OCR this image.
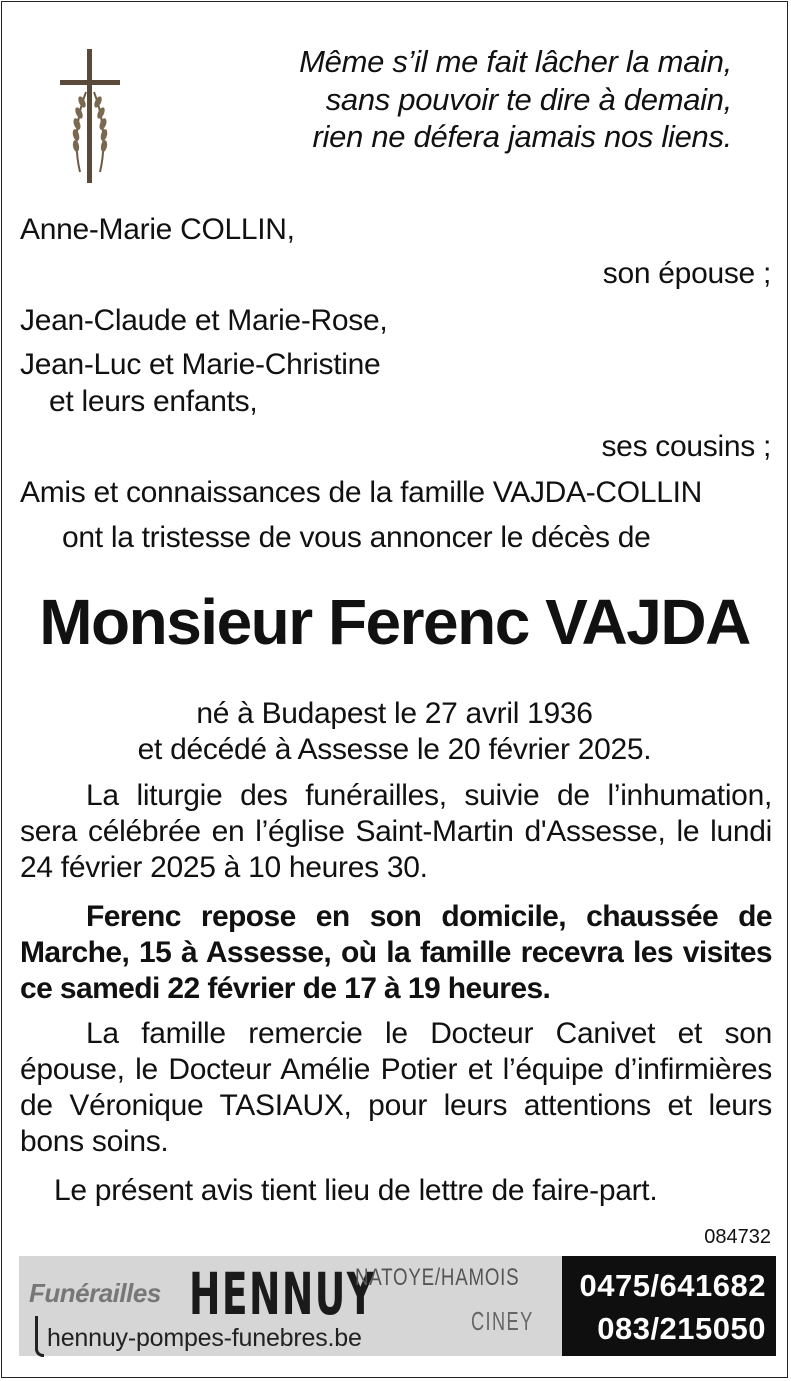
Même s’il me fait lâcher la main,

sans pouvoir te dire à demain,

rien ne défera jamais nos liens.

Anne-Marie COLLIN,

son épouse ;

Jean-Claude et Marie-Rose,

Jean-Luc et Marie-Christine

et leurs enfants,

ses cousins ;

Amis et connaissances de la famille VAJDA-COLLIN

ont la tristesse de vous annoncer le décès de

Monsieur Ferenc VAJDA

né à Budapest le 27 avril 1936

et décédé à Assesse le 20 février 2025.

La liturgie des funérailles, suivie de l’inhumation, sera célébrée en l’église Saint-Martin d'Assesse, le lundi 24 février 2025 à 10 heures 30.

Ferenc repose en son domicile, chaussée de Marche, 15 à Assesse, où la famille recevra les visites ce samedi 22 février de 17 à 19 heures.

La famille remercie le Docteur Canivet et son épouse, le Docteur Amélie Potier et l’équipe d’infirmières de Véronique TASIAUX, pour leurs attentions et leurs bons soins.

Le présent avis tient lieu de lettre de faire-part.

084732

Funérailles HENNUY
NATOYE/HAMOIS
CINEY
hennuy-pompes-funebres.be
0475/641682
083/215050
